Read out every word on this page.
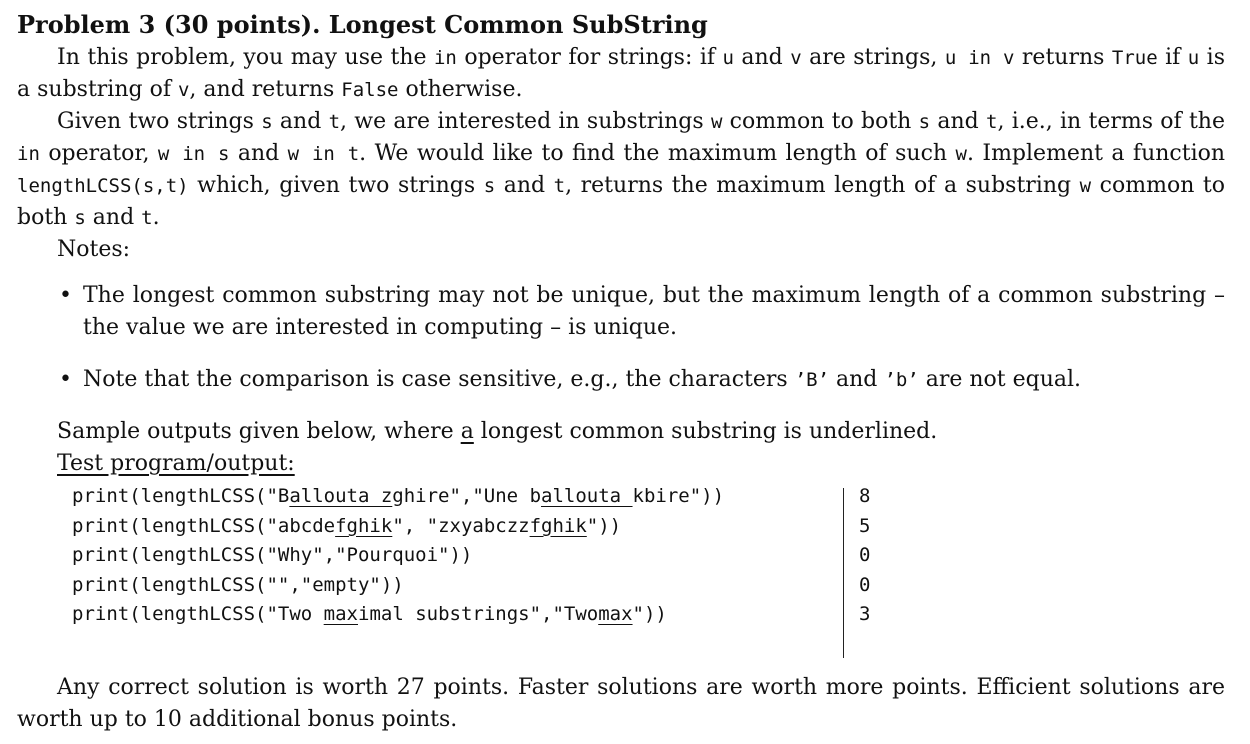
Problem 3 (30 points). Longest Common SubString

In this problem, you may use the in operator for strings: if u and v are strings, u in v returns True if u is a substring of v, and returns False otherwise.

Given two strings s and t, we are interested in substrings w common to both s and t, i.e., in terms of the in operator, w in s and w in t. We would like to find the maximum length of such w. Implement a function lengthLCSS(s,t) which, given two strings s and t, returns the maximum length of a substring w common to both s and t.

Notes:

• The longest common substring may not be unique, but the maximum length of a common substring – the value we are interested in computing – is unique.
• Note that the comparison is case sensitive, e.g., the characters ’B’ and ’b’ are not equal.

Sample outputs given below, where a longest common substring is underlined.

Test program/output:

print(lengthLCSS("Ballouta zghire","Une ballouta kbire"))
print(lengthLCSS("abcdefghik", "zxyabczzfghik"))
print(lengthLCSS("Why","Pourquoi"))
print(lengthLCSS("","empty"))
print(lengthLCSS("Two maximal substrings","Twomax"))
8
5
0
0
3

Any correct solution is worth 27 points. Faster solutions are worth more points. Efficient solutions are worth up to 10 additional bonus points.
